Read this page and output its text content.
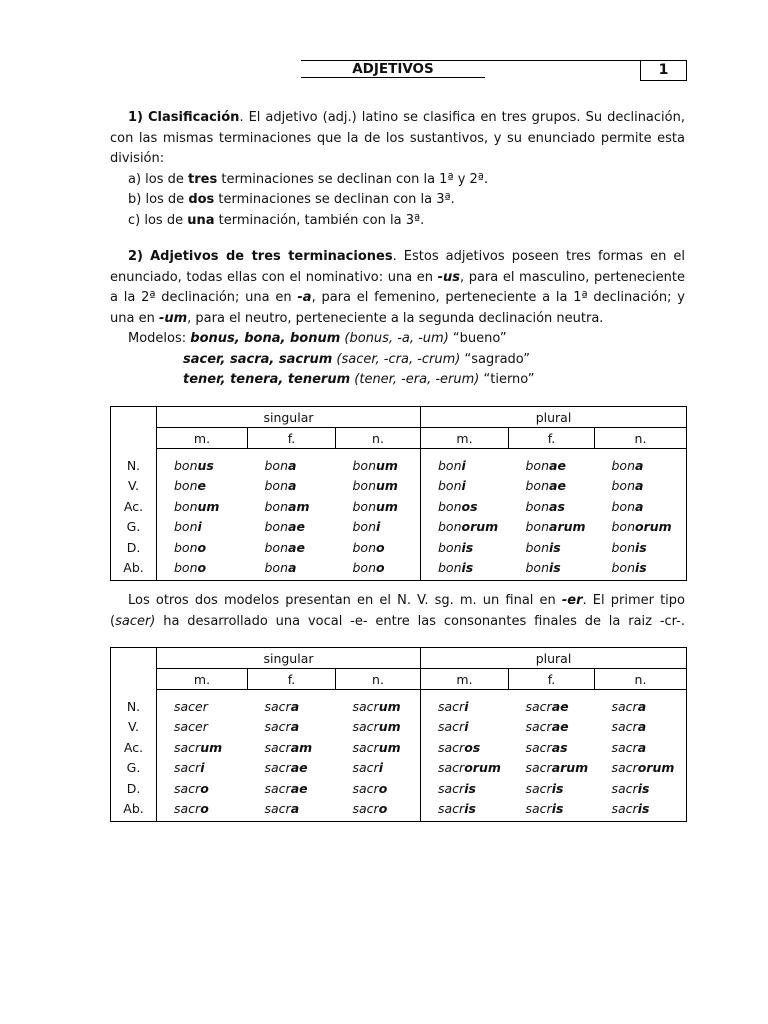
ADJETIVOS	1
1) Clasificación. El adjetivo (adj.) latino se clasifica en tres grupos. Su declinación,
con las mismas terminaciones que la de los sustantivos, y su enunciado permite esta
división:
a) los de tres terminaciones se declinan con la 1ª y 2ª.
b) los de dos terminaciones se declinan con la 3ª.
c) los de una terminación, también con la 3ª.
2) Adjetivos de tres terminaciones. Estos adjetivos poseen tres formas en el
enunciado, todas ellas con el nominativo: una en -us, para el masculino, perteneciente
a la 2ª declinación; una en -a, para el femenino, perteneciente a la 1ª declinación; y
una en -um, para el neutro, perteneciente a la segunda declinación neutra.
Modelos: bonus, bona, bonum (bonus, -a, -um) “bueno”
sacer, sacra, sacrum (sacer, -cra, -crum) “sagrado”
tener, tenera, tenerum (tener, -era, -erum) “tierno”
	singular			plural		
	m.	f.	n.	m.	f.	n.
N.	bonus	bona	bonum	boni	bonae	bona
V.	bone	bona	bonum	boni	bonae	bona
Ac.	bonum	bonam	bonum	bonos	bonas	bona
G.	boni	bonae	boni	bonorum	bonarum	bonorum
D.	bono	bonae	bono	bonis	bonis	bonis
Ab.	bono	bona	bono	bonis	bonis	bonis
Los otros dos modelos presentan en el N. V. sg. m. un final en -er. El primer tipo
(sacer) ha desarrollado una vocal -e- entre las consonantes finales de la raiz -cr-.
	singular			plural		
	m.	f.	n.	m.	f.	n.
N.	sacer	sacra	sacrum	sacri	sacrae	sacra
V.	sacer	sacra	sacrum	sacri	sacrae	sacra
Ac.	sacrum	sacram	sacrum	sacros	sacras	sacra
G.	sacri	sacrae	sacri	sacrorum	sacrarum	sacrorum
D.	sacro	sacrae	sacro	sacris	sacris	sacris
Ab.	sacro	sacra	sacro	sacris	sacris	sacris
